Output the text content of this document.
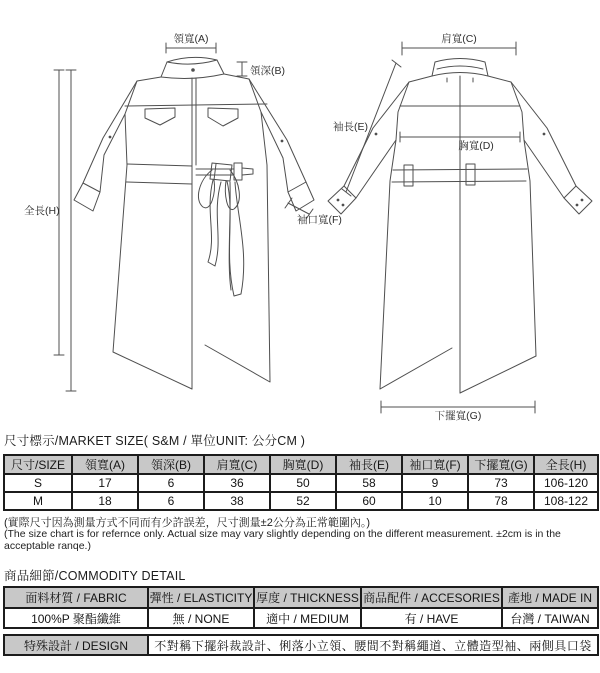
領寬(A)
領深(B)
全長(H)
袖口寬(F)
肩寬(C)
袖長(E)
胸寬(D)
下擺寬(G)
尺寸標示/MARKET SIZE( S&M / 單位UNIT: 公分CM )
尺寸/SIZE	領寬(A)	領深(B)	肩寬(C)	胸寬(D)	袖長(E)	袖口寬(F)	下擺寬(G)	全長(H)
S	17	6	36	50	58	9	73	106-120
M	18	6	38	52	60	10	78	108-122
(實際尺寸因為測量方式不同而有少許誤差，尺寸測量±2公分為正常範圍內。)
(The size chart is for refernce only. Actual size may vary slightly depending on the different measurement. ±2cm is in the acceptable ranqe.)
商品細節/COMMODITY DETAIL
面料材質 / FABRIC	彈性 / ELASTICITY	厚度 / THICKNESS	商品配件 / ACCESORIES	產地 / MADE IN
100%P 聚酯纖維	無 / NONE	適中 / MEDIUM	有 / HAVE	台灣 / TAIWAN
特殊設計 / DESIGN	不對稱下擺斜裁設計、俐落小立領、腰間不對稱繩道、立體造型袖、兩側具口袋
